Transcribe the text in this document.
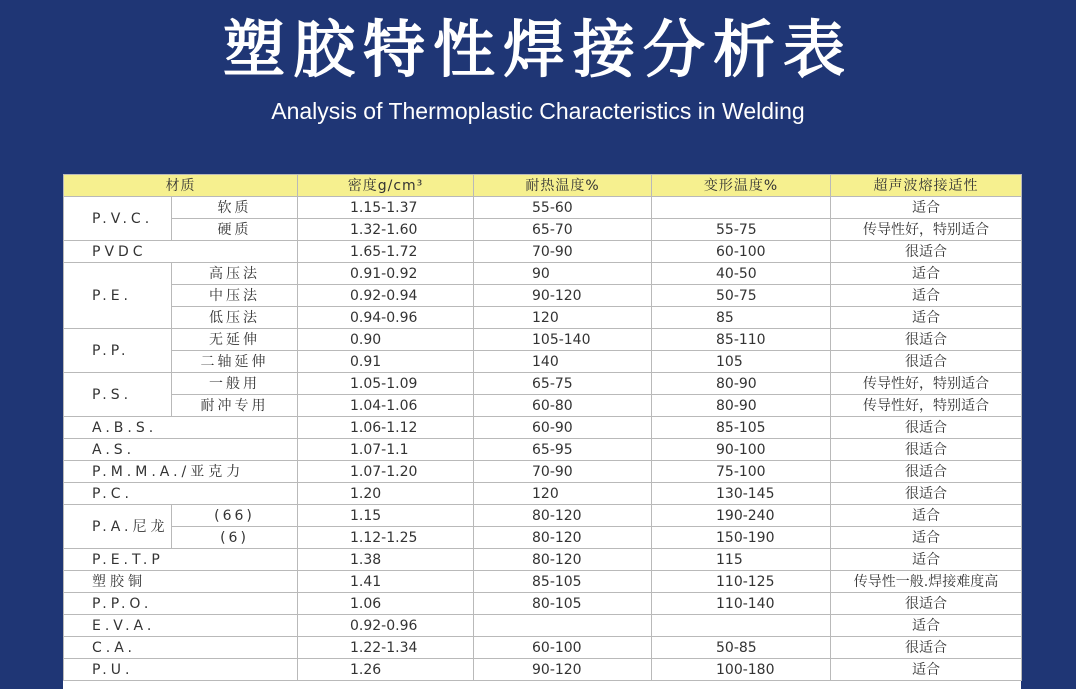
塑胶特性焊接分析表
Analysis of Thermoplastic Characteristics in Welding
材质		密度g/cm³	耐热温度%	变形温度%	超声波熔接适性
P.V.C.	软质	1.15-1.37	55-60		适合
	硬质	1.32-1.60	65-70	55-75	传导性好，特别适合
PVDC		1.65-1.72	70-90	60-100	很适合
P.E.	高压法	0.91-0.92	90	40-50	适合
	中压法	0.92-0.94	90-120	50-75	适合
	低压法	0.94-0.96	120	85	适合
P.P.	无延伸	0.90	105-140	85-110	很适合
	二轴延伸	0.91	140	105	很适合
P.S.	一般用	1.05-1.09	65-75	80-90	传导性好，特别适合
	耐冲专用	1.04-1.06	60-80	80-90	传导性好，特别适合
A.B.S.		1.06-1.12	60-90	85-105	很适合
A.S.		1.07-1.1	65-95	90-100	很适合
P.M.M.A./亚克力		1.07-1.20	70-90	75-100	很适合
P.C.		1.20	120	130-145	很适合
P.A.尼龙	(66)	1.15	80-120	190-240	适合
	(6)	1.12-1.25	80-120	150-190	适合
P.E.T.P		1.38	80-120	115	适合
塑胶铜		1.41	85-105	110-125	传导性一般.焊接难度高
P.P.O.		1.06	80-105	110-140	很适合
E.V.A.		0.92-0.96			适合
C.A.		1.22-1.34	60-100	50-85	很适合
P.U.		1.26	90-120	100-180	适合
